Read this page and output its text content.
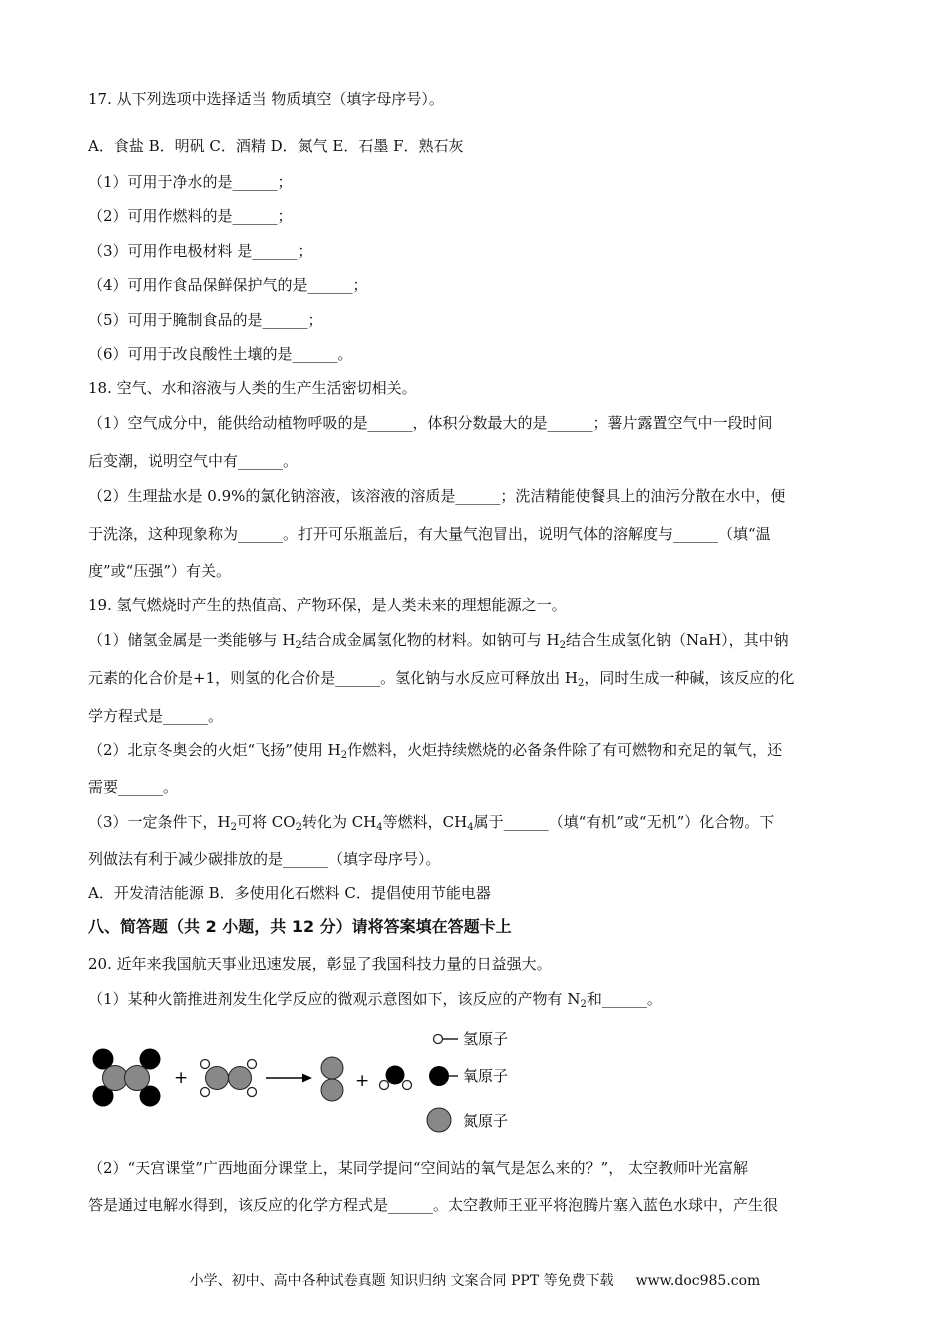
17. 从下列选项中选择适当 物质填空（填字母序号）。
A．食盐 B．明矾 C．酒精 D．氮气 E．石墨 F．熟石灰
（1）可用于净水的是______；
（2）可用作燃料的是______；
（3）可用作电极材料 是______；
（4）可用作食品保鲜保护气的是______；
（5）可用于腌制食品的是______；
（6）可用于改良酸性土壤的是______。
18. 空气、水和溶液与人类的生产生活密切相关。
（1）空气成分中，能供给动植物呼吸的是______，体积分数最大的是______；薯片露置空气中一段时间
后变潮，说明空气中有______。
（2）生理盐水是 0.9%的氯化钠溶液，该溶液的溶质是______；洗洁精能使餐具上的油污分散在水中，便
于洗涤，这种现象称为______。打开可乐瓶盖后，有大量气泡冒出，说明气体的溶解度与______（填“温
度”或“压强”）有关。
19. 氢气燃烧时产生的热值高、产物环保，是人类未来的理想能源之一。
（1）储氢金属是一类能够与 $H_2$结合成金属氢化物的材料。如钠可与 $H_2$结合生成氢化钠（NaH），其中钠
元素的化合价是+1，则氢的化合价是______。氢化钠与水反应可释放出 $H_2$，同时生成一种碱，该反应的化
学方程式是______。
（2）北京冬奥会的火炬“飞扬”使用 $H_2$作燃料，火炬持续燃烧的必备条件除了有可燃物和充足的氧气，还
需要______。
（3）一定条件下，$H_2$可将 $CO_2$转化为 $CH_4$等燃料，$CH_4$属于______（填“有机”或“无机”）化合物。下
列做法有利于减少碳排放的是______（填字母序号）。
A．开发清洁能源 B．多使用化石燃料 C．提倡使用节能电器
八、简答题（共 2 小题，共 12 分）请将答案填在答题卡上
20. 近年来我国航天事业迅速发展，彰显了我国科技力量的日益强大。
（1）某种火箭推进剂发生化学反应的微观示意图如下，该反应的产物有 $N_2$和______。
（2）“天宫课堂”广西地面分课堂上，某同学提问“空间站的氧气是怎么来的？”， 太空教师叶光富解
答是通过电解水得到，该反应的化学方程式是______。太空教师王亚平将泡腾片塞入蓝色水球中，产生很
+	+
氢原子
氧原子
氮原子
小学、初中、高中各种试卷真题 知识归纳 文案合同 PPT 等免费下载 www.doc985.com
